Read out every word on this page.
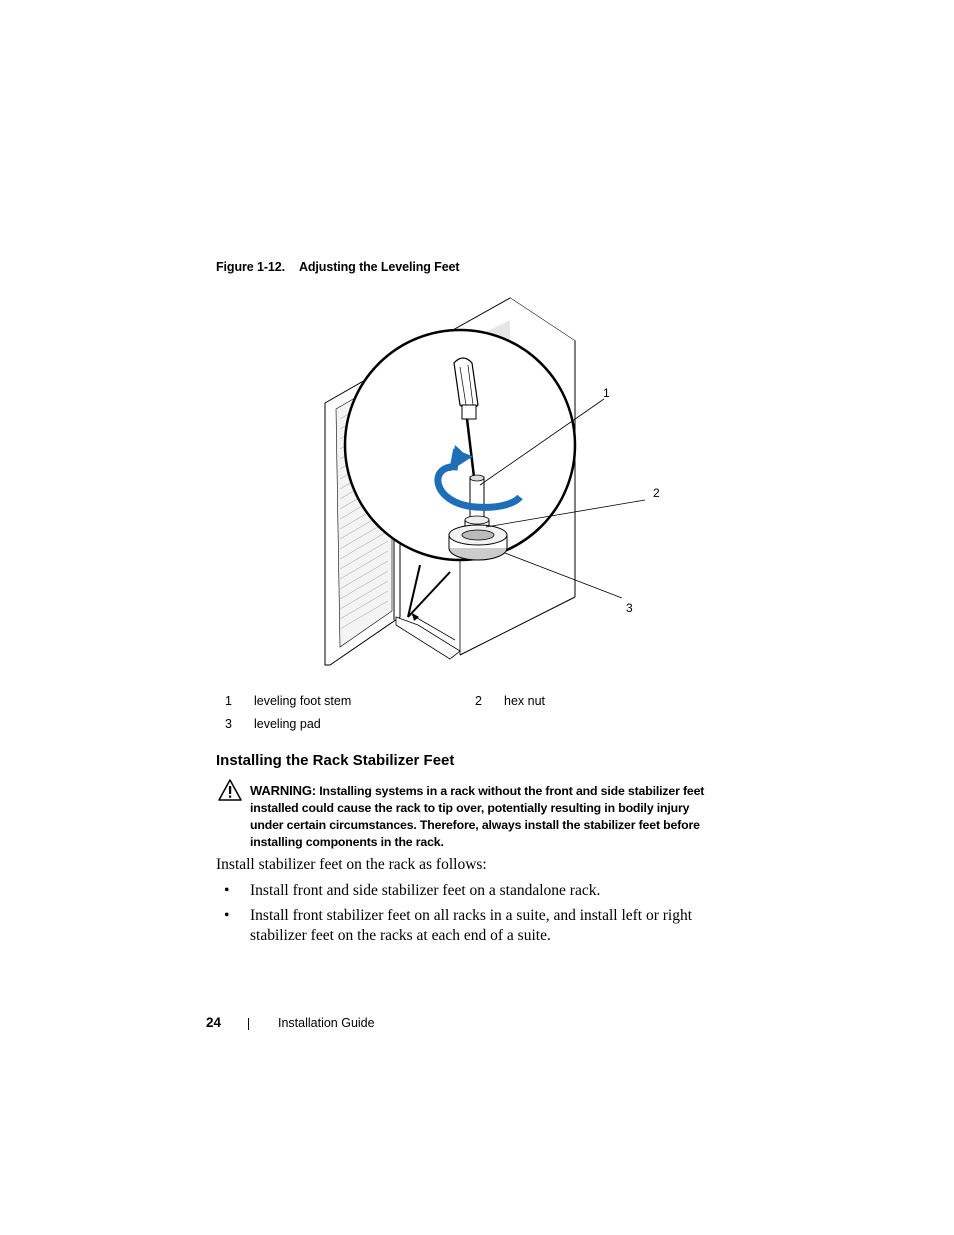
Figure 1-12. Adjusting the Leveling Feet
1
2
3
1 leveling foot stem	2 hex nut
3 leveling pad
Installing the Rack Stabilizer Feet
WARNING: Installing systems in a rack without the front and side stabilizer feet installed could cause the rack to tip over, potentially resulting in bodily injury under certain circumstances. Therefore, always install the stabilizer feet before installing components in the rack.
Install stabilizer feet on the rack as follows:
• Install front and side stabilizer feet on a standalone rack.
• Install front stabilizer feet on all racks in a suite, and install left or right stabilizer feet on the racks at each end of a suite.
24	Installation Guide
